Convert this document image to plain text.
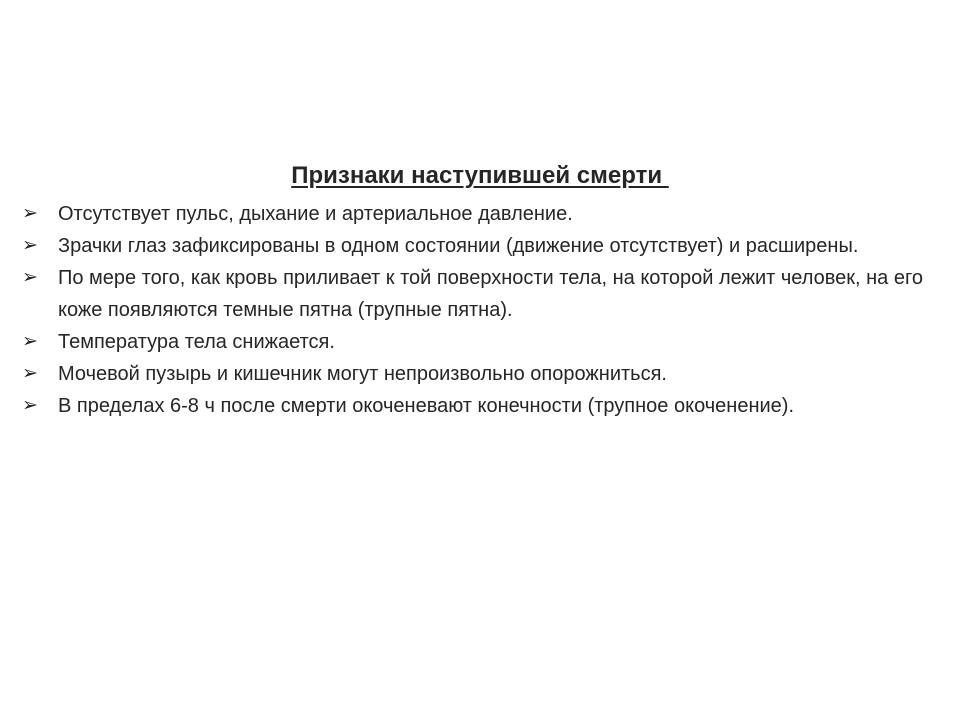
Признаки наступившей смерти
➢ Отсутствует пульс, дыхание и артериальное давление.
➢ Зрачки глаз зафиксированы в одном состоянии (движение отсутствует) и расширены.
➢ По мере того, как кровь приливает к той поверхности тела, на которой лежит человек, на его коже появляются темные пятна (трупные пятна).
➢ Температура тела снижается.
➢ Мочевой пузырь и кишечник могут непроизвольно опорожниться.
➢ В пределах 6-8 ч после смерти окоченевают конечности (трупное окоченение).
